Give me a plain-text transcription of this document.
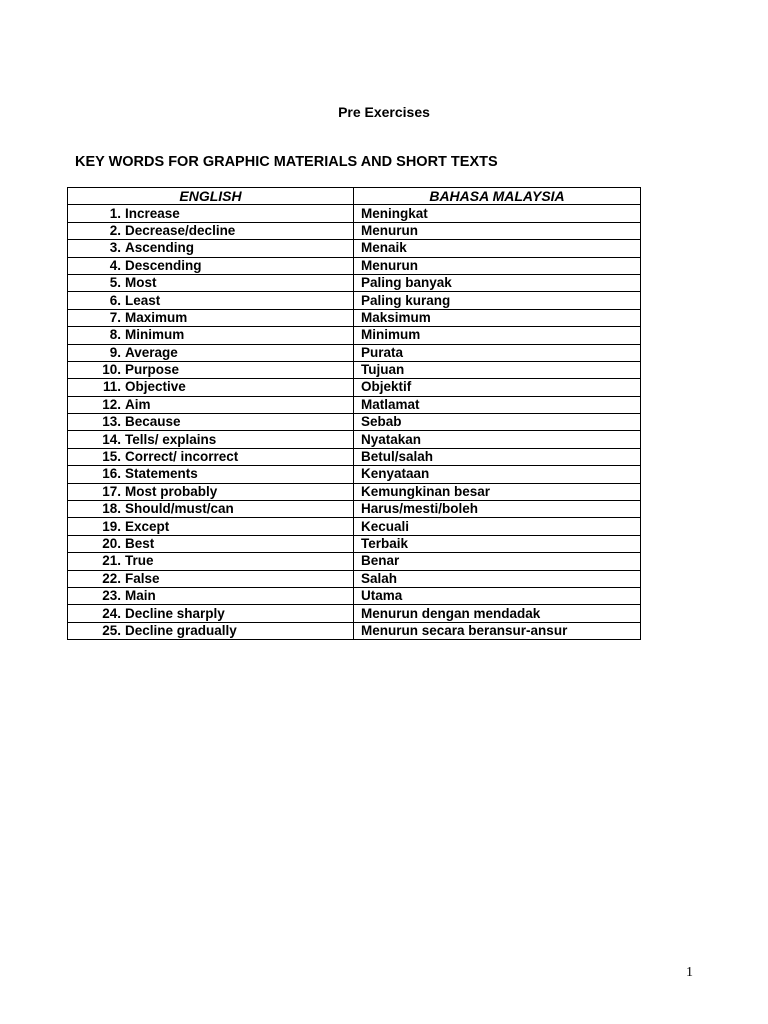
Pre Exercises
KEY WORDS FOR GRAPHIC MATERIALS AND SHORT TEXTS
ENGLISH	BAHASA MALAYSIA
1. Increase	Meningkat
2. Decrease/decline	Menurun
3. Ascending	Menaik
4. Descending	Menurun
5. Most	Paling banyak
6. Least	Paling kurang
7. Maximum	Maksimum
8. Minimum	Minimum
9. Average	Purata
10. Purpose	Tujuan
11. Objective	Objektif
12. Aim	Matlamat
13. Because	Sebab
14. Tells/ explains	Nyatakan
15. Correct/ incorrect	Betul/salah
16. Statements	Kenyataan
17. Most probably	Kemungkinan besar
18. Should/must/can	Harus/mesti/boleh
19. Except	Kecuali
20. Best	Terbaik
21. True	Benar
22. False	Salah
23. Main	Utama
24. Decline sharply	Menurun dengan mendadak
25. Decline gradually	Menurun secara beransur-ansur
1
